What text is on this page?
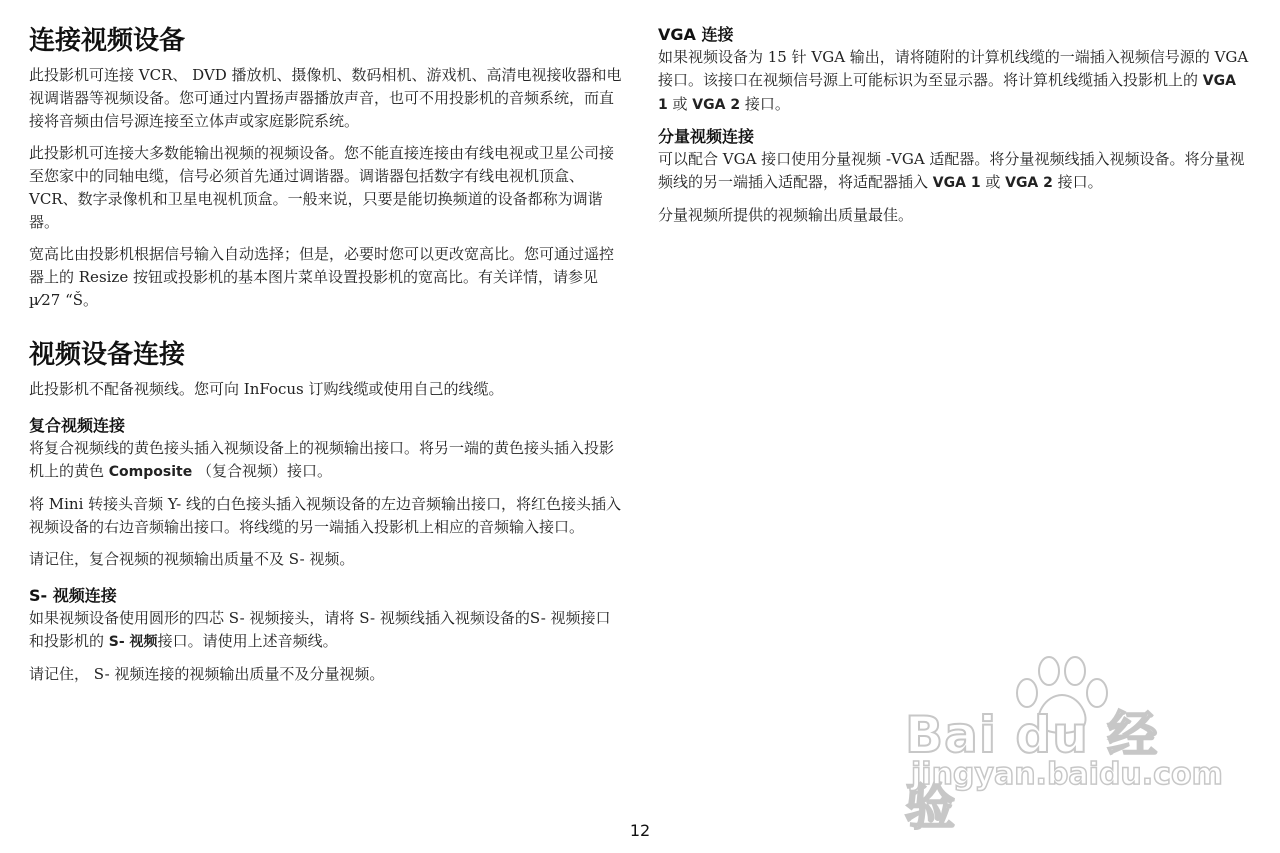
连接视频设备

此投影机可连接 VCR、 DVD 播放机、摄像机、数码相机、游戏机、高清电视接收器和电视调谐器等视频设备。您可通过内置扬声器播放声音，也可不用投影机的音频系统，而直接将音频由信号源连接至立体声或家庭影院系统。

此投影机可连接大多数能输出视频的视频设备。您不能直接连接由有线电视或卫星公司接至您家中的同轴电缆，信号必须首先通过调谐器。调谐器包括数字有线电视机顶盒、 VCR、数字录像机和卫星电视机顶盒。一般来说，只要是能切换频道的设备都称为调谐器。

宽高比由投影机根据信号输入自动选择；但是，必要时您可以更改宽高比。您可通过遥控器上的 Resize 按钮或投影机的基本图片菜单设置投影机的宽高比。有关详情，请参见 µ⁄27 “Š。

视频设备连接

此投影机不配备视频线。您可向 InFocus 订购线缆或使用自己的线缆。

复合视频连接

将复合视频线的黄色接头插入视频设备上的视频输出接口。将另一端的黄色接头插入投影机上的黄色 Composite （复合视频）接口。

将 Mini 转接头音频 Y- 线的白色接头插入视频设备的左边音频输出接口，将红色接头插入视频设备的右边音频输出接口。将线缆的另一端插入投影机上相应的音频输入接口。

请记住，复合视频的视频输出质量不及 S- 视频。

S- 视频连接

如果视频设备使用圆形的四芯 S- 视频接头，请将 S- 视频线插入视频设备的S- 视频接口和投影机的 S- 视频接口。请使用上述音频线。

请记住， S- 视频连接的视频输出质量不及分量视频。

VGA 连接

如果视频设备为 15 针 VGA 输出，请将随附的计算机线缆的一端插入视频信号源的 VGA 接口。该接口在视频信号源上可能标识为至显示器。将计算机线缆插入投影机上的 VGA 1 或 VGA 2 接口。

分量视频连接

可以配合 VGA 接口使用分量视频 -VGA 适配器。将分量视频线插入视频设备。将分量视频线的另一端插入适配器，将适配器插入 VGA 1 或 VGA 2 接口。

分量视频所提供的视频输出质量最佳。

12
Bai du 经验
jingyan.baidu.com
